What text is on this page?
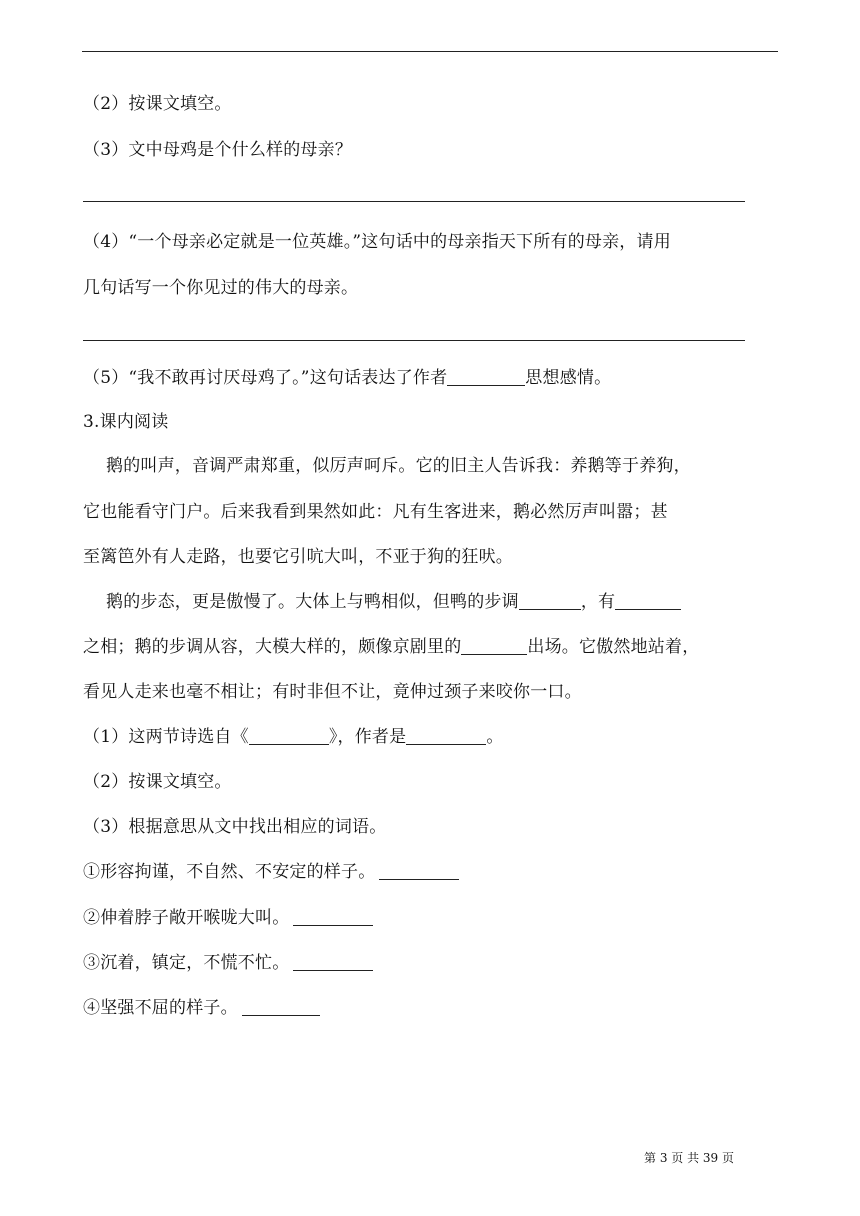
（2）按课文填空。
（3）文中母鸡是个什么样的母亲？
（4）“一个母亲必定就是一位英雄。”这句话中的母亲指天下所有的母亲，请用
几句话写一个你见过的伟大的母亲。
（5）“我不敢再讨厌母鸡了。”这句话表达了作者	思想感情。
3.课内阅读
鹅的叫声，音调严肃郑重，似厉声呵斥。它的旧主人告诉我：养鹅等于养狗，
它也能看守门户。后来我看到果然如此：凡有生客进来，鹅必然厉声叫嚣；甚
至篱笆外有人走路，也要它引吭大叫，不亚于狗的狂吠。
鹅的步态，更是傲慢了。大体上与鸭相似，但鸭的步调	，有
之相；鹅的步调从容，大模大样的，颇像京剧里的	出场。它傲然地站着，
看见人走来也毫不相让；有时非但不让，竟伸过颈子来咬你一口。
（1）这两节诗选自《	》，作者是	。
（2）按课文填空。
（3）根据意思从文中找出相应的词语。
①形容拘谨，不自然、不安定的样子。
②伸着脖子敞开喉咙大叫。
③沉着，镇定，不慌不忙。
④坚强不屈的样子。
第 3 页 共 39 页
